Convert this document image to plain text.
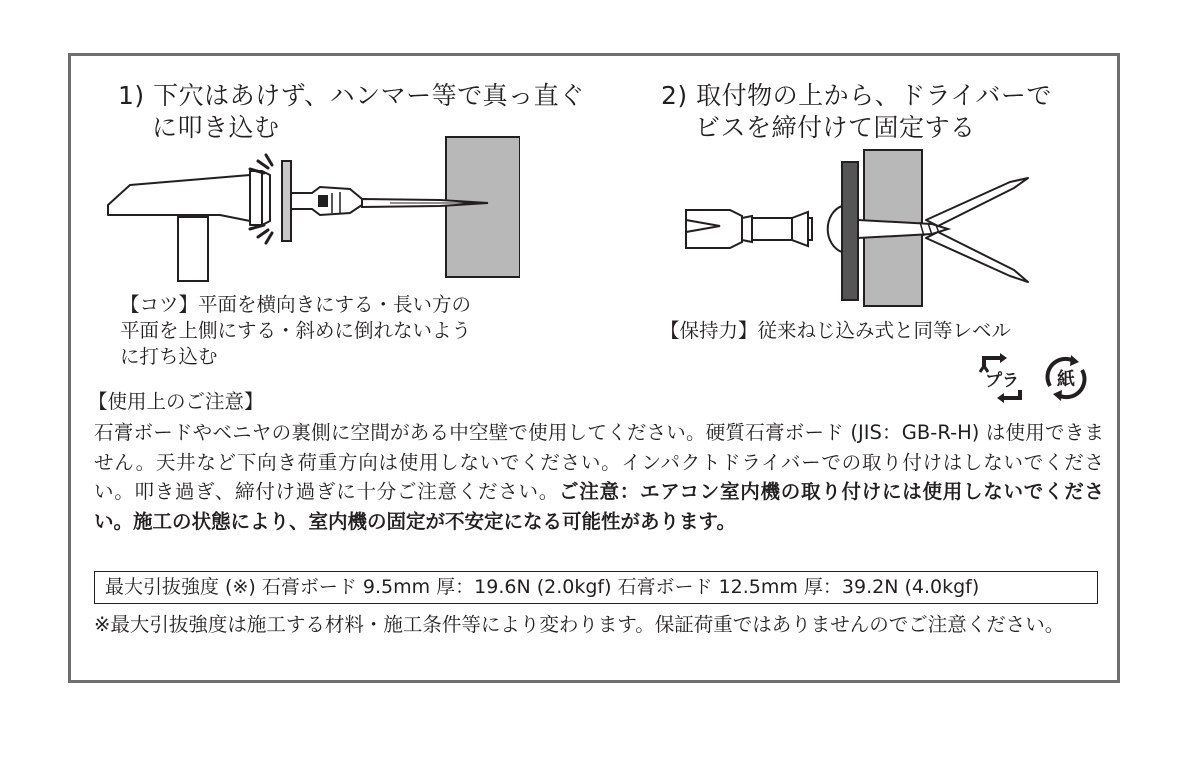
1) 下穴はあけず、ハンマー等で真っ直ぐ
　 に叩き込む
【コツ】平面を横向きにする・長い方の
平面を上側にする・斜めに倒れないよう
に打ち込む
2) 取付物の上から、ドライバーで
　 ビスを締付けて固定する
【保持力】従来ねじ込み式と同等レベル
プラ 紙
【使用上のご注意】
石膏ボードやベニヤの裏側に空間がある中空壁で使用してください。硬質石膏ボード (JIS：GB-R-H) は使用できません。天井など下向き荷重方向は使用しないでください。インパクトドライバーでの取り付けはしないでください。叩き過ぎ、締付け過ぎに十分ご注意ください。ご注意：エアコン室内機の取り付けには使用しないでください。施工の状態により、室内機の固定が不安定になる可能性があります。
最大引抜強度 (※) 石膏ボード 9.5mm 厚：19.6N (2.0kgf) 石膏ボード 12.5mm 厚：39.2N (4.0kgf)
※最大引抜強度は施工する材料・施工条件等により変わります。保証荷重ではありませんのでご注意ください。
